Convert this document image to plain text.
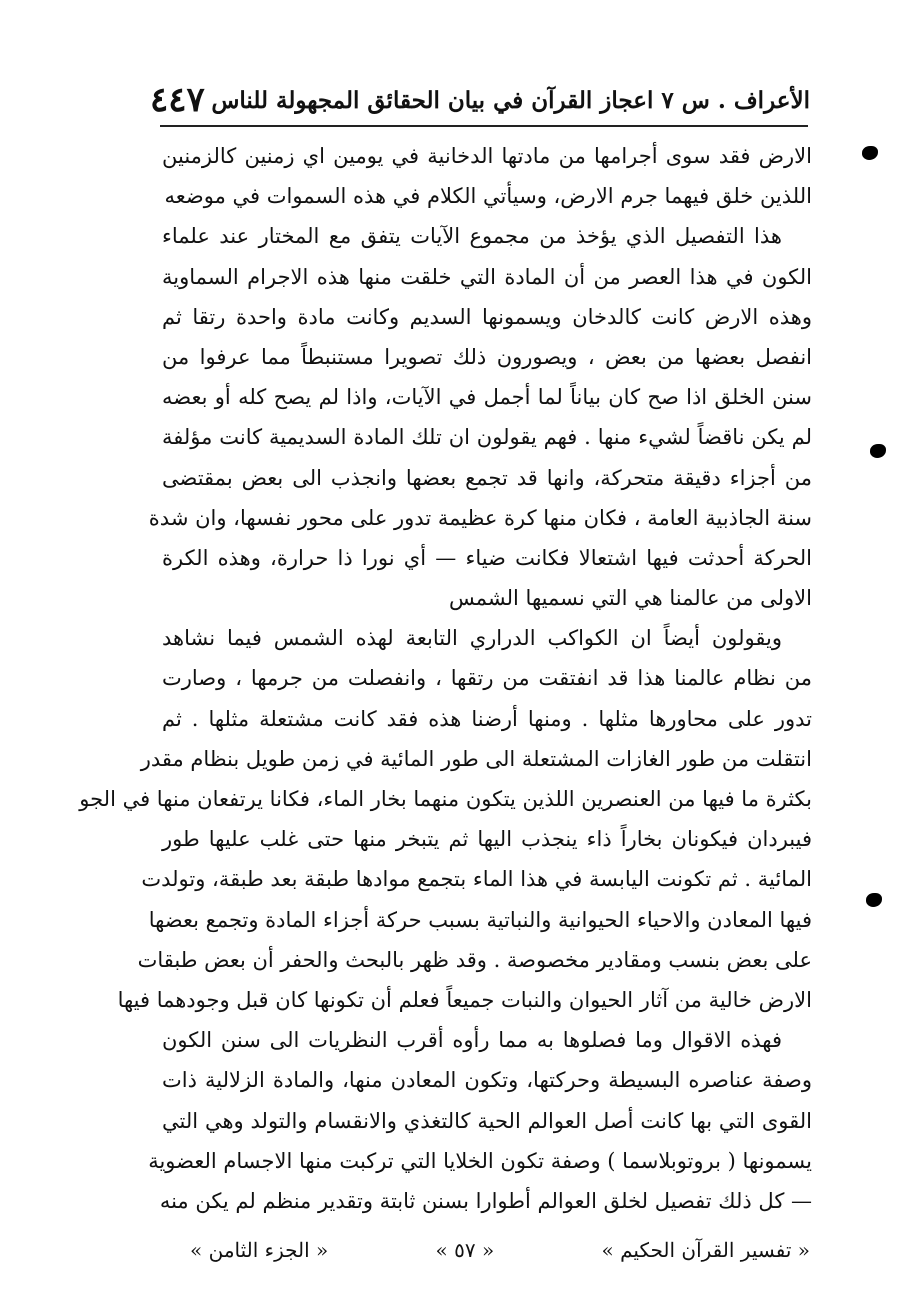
الأعراف . س ٧ اعجاز القرآن في بيان الحقائق المجهولة للناس
٤٤٧
الارض فقد سوى أجرامها من مادتها الدخانية في يومين اي زمنين كالزمنين
اللذين خلق فيهما جرم الارض، وسيأتي الكلام في هذه السموات في موضعه
هذا التفصيل الذي يؤخذ من مجموع الآيات يتفق مع المختار عند علماء
الكون في هذا العصر من أن المادة التي خلقت منها هذه الاجرام السماوية
وهذه الارض كانت كالدخان ويسمونها السديم وكانت مادة واحدة رتقا ثم
انفصل بعضها من بعض ، ويصورون ذلك تصويرا مستنبطاً مما عرفوا من
سنن الخلق اذا صح كان بياناً لما أجمل في الآيات، واذا لم يصح كله أو بعضه
لم يكن ناقضاً لشيء منها . فهم يقولون ان تلك المادة السديمية كانت مؤلفة
من أجزاء دقيقة متحركة، وانها قد تجمع بعضها وانجذب الى بعض بمقتضى
سنة الجاذبية العامة ، فكان منها كرة عظيمة تدور على محور نفسها، وان شدة
الحركة أحدثت فيها اشتعالا فكانت ضياء — أي نورا ذا حرارة، وهذه الكرة
الاولى من عالمنا هي التي نسميها الشمس
ويقولون أيضاً ان الكواكب الدراري التابعة لهذه الشمس فيما نشاهد
من نظام عالمنا هذا قد انفتقت من رتقها ، وانفصلت من جرمها ، وصارت
تدور على محاورها مثلها . ومنها أرضنا هذه فقد كانت مشتعلة مثلها . ثم
انتقلت من طور الغازات المشتعلة الى طور المائية في زمن طويل بنظام مقدر
بكثرة ما فيها من العنصرين اللذين يتكون منهما بخار الماء، فكانا يرتفعان منها في الجو
فيبردان فيكونان بخاراً ذاء ينجذب اليها ثم يتبخر منها حتى غلب عليها طور
المائية . ثم تكونت اليابسة في هذا الماء بتجمع موادها طبقة بعد طبقة، وتولدت
فيها المعادن والاحياء الحيوانية والنباتية بسبب حركة أجزاء المادة وتجمع بعضها
على بعض بنسب ومقادير مخصوصة . وقد ظهر بالبحث والحفر أن بعض طبقات
الارض خالية من آثار الحيوان والنبات جميعاً فعلم أن تكونها كان قبل وجودهما فيها
فهذه الاقوال وما فصلوها به مما رأوه أقرب النظريات الى سنن الكون
وصفة عناصره البسيطة وحركتها، وتكون المعادن منها، والمادة الزلالية ذات
القوى التي بها كانت أصل العوالم الحية كالتغذي والانقسام والتولد وهي التي
يسمونها ( بروتوبلاسما ) وصفة تكون الخلايا التي تركبت منها الاجسام العضوية
— كل ذلك تفصيل لخلق العوالم أطوارا بسنن ثابتة وتقدير منظم لم يكن منه
« تفسير القرآن الحكيم »
« ٥٧ »
« الجزء الثامن »
